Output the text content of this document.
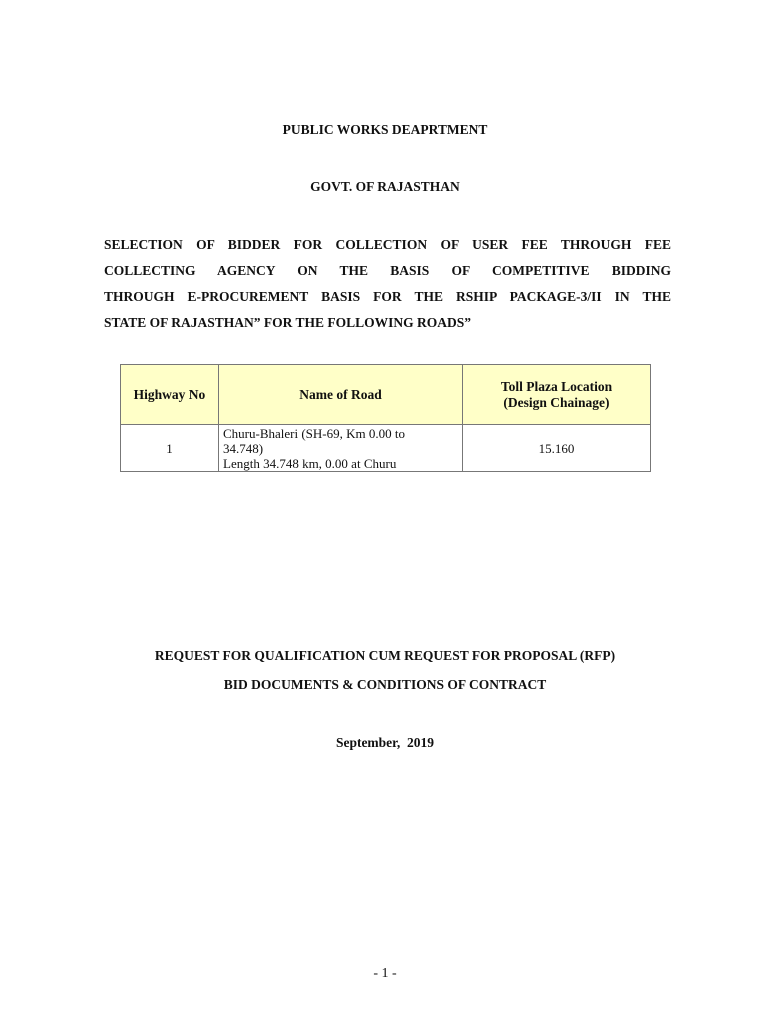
PUBLIC WORKS DEAPRTMENT
GOVT. OF RAJASTHAN
SELECTION OF BIDDER FOR COLLECTION OF USER FEE THROUGH FEE
COLLECTING AGENCY ON THE BASIS OF COMPETITIVE BIDDING
THROUGH E-PROCUREMENT BASIS FOR THE RSHIP PACKAGE-3/II IN THE
STATE OF RAJASTHAN” FOR THE FOLLOWING ROADS”
Highway No	Name of Road	Toll Plaza Location
(Design Chainage)
1	Churu-Bhaleri (SH-69, Km 0.00 to
34.748)
Length 34.748 km, 0.00 at Churu	15.160
REQUEST FOR QUALIFICATION CUM REQUEST FOR PROPOSAL (RFP)
BID DOCUMENTS & CONDITIONS OF CONTRACT
September,  2019
- 1 -
